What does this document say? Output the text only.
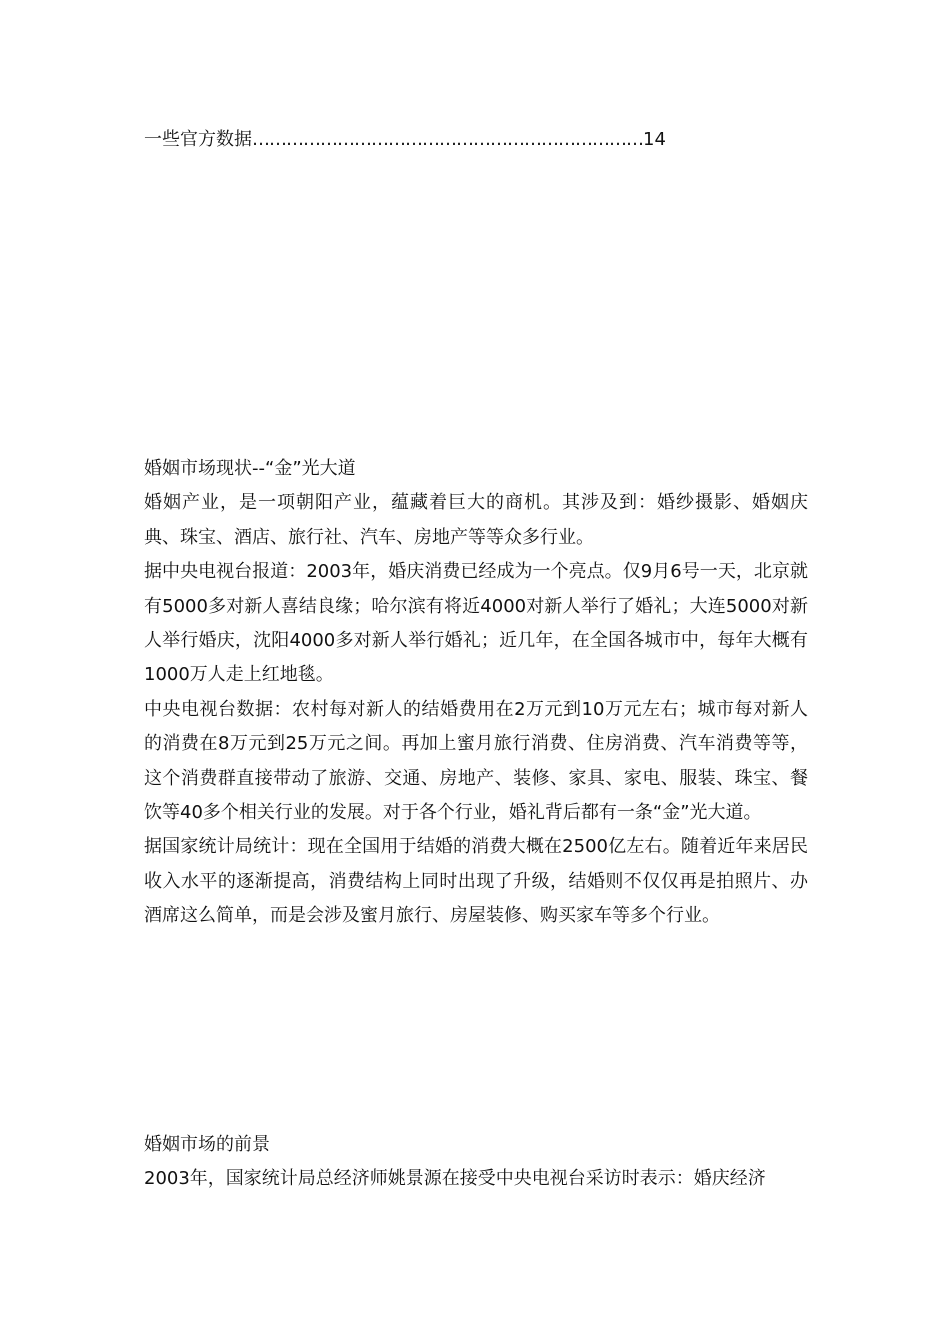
一些官方数据……………………………………………………………14
婚姻市场现状--“金”光大道

婚姻产业，是一项朝阳产业，蕴藏着巨大的商机。其涉及到：婚纱摄影、婚姻庆典、珠宝、酒店、旅行社、汽车、房地产等等众多行业。

据中央电视台报道：2003年，婚庆消费已经成为一个亮点。仅9月6号一天，北京就有5000多对新人喜结良缘；哈尔滨有将近4000对新人举行了婚礼；大连5000对新人举行婚庆，沈阳4000多对新人举行婚礼；近几年，在全国各城市中，每年大概有1000万人走上红地毯。

中央电视台数据：农村每对新人的结婚费用在2万元到10万元左右；城市每对新人的消费在8万元到25万元之间。再加上蜜月旅行消费、住房消费、汽车消费等等，这个消费群直接带动了旅游、交通、房地产、装修、家具、家电、服装、珠宝、餐饮等40多个相关行业的发展。对于各个行业，婚礼背后都有一条“金”光大道。

据国家统计局统计：现在全国用于结婚的消费大概在2500亿左右。随着近年来居民收入水平的逐渐提高，消费结构上同时出现了升级，结婚则不仅仅再是拍照片、办酒席这么简单，而是会涉及蜜月旅行、房屋装修、购买家车等多个行业。

婚姻市场的前景

2003年，国家统计局总经济师姚景源在接受中央电视台采访时表示：婚庆经济
